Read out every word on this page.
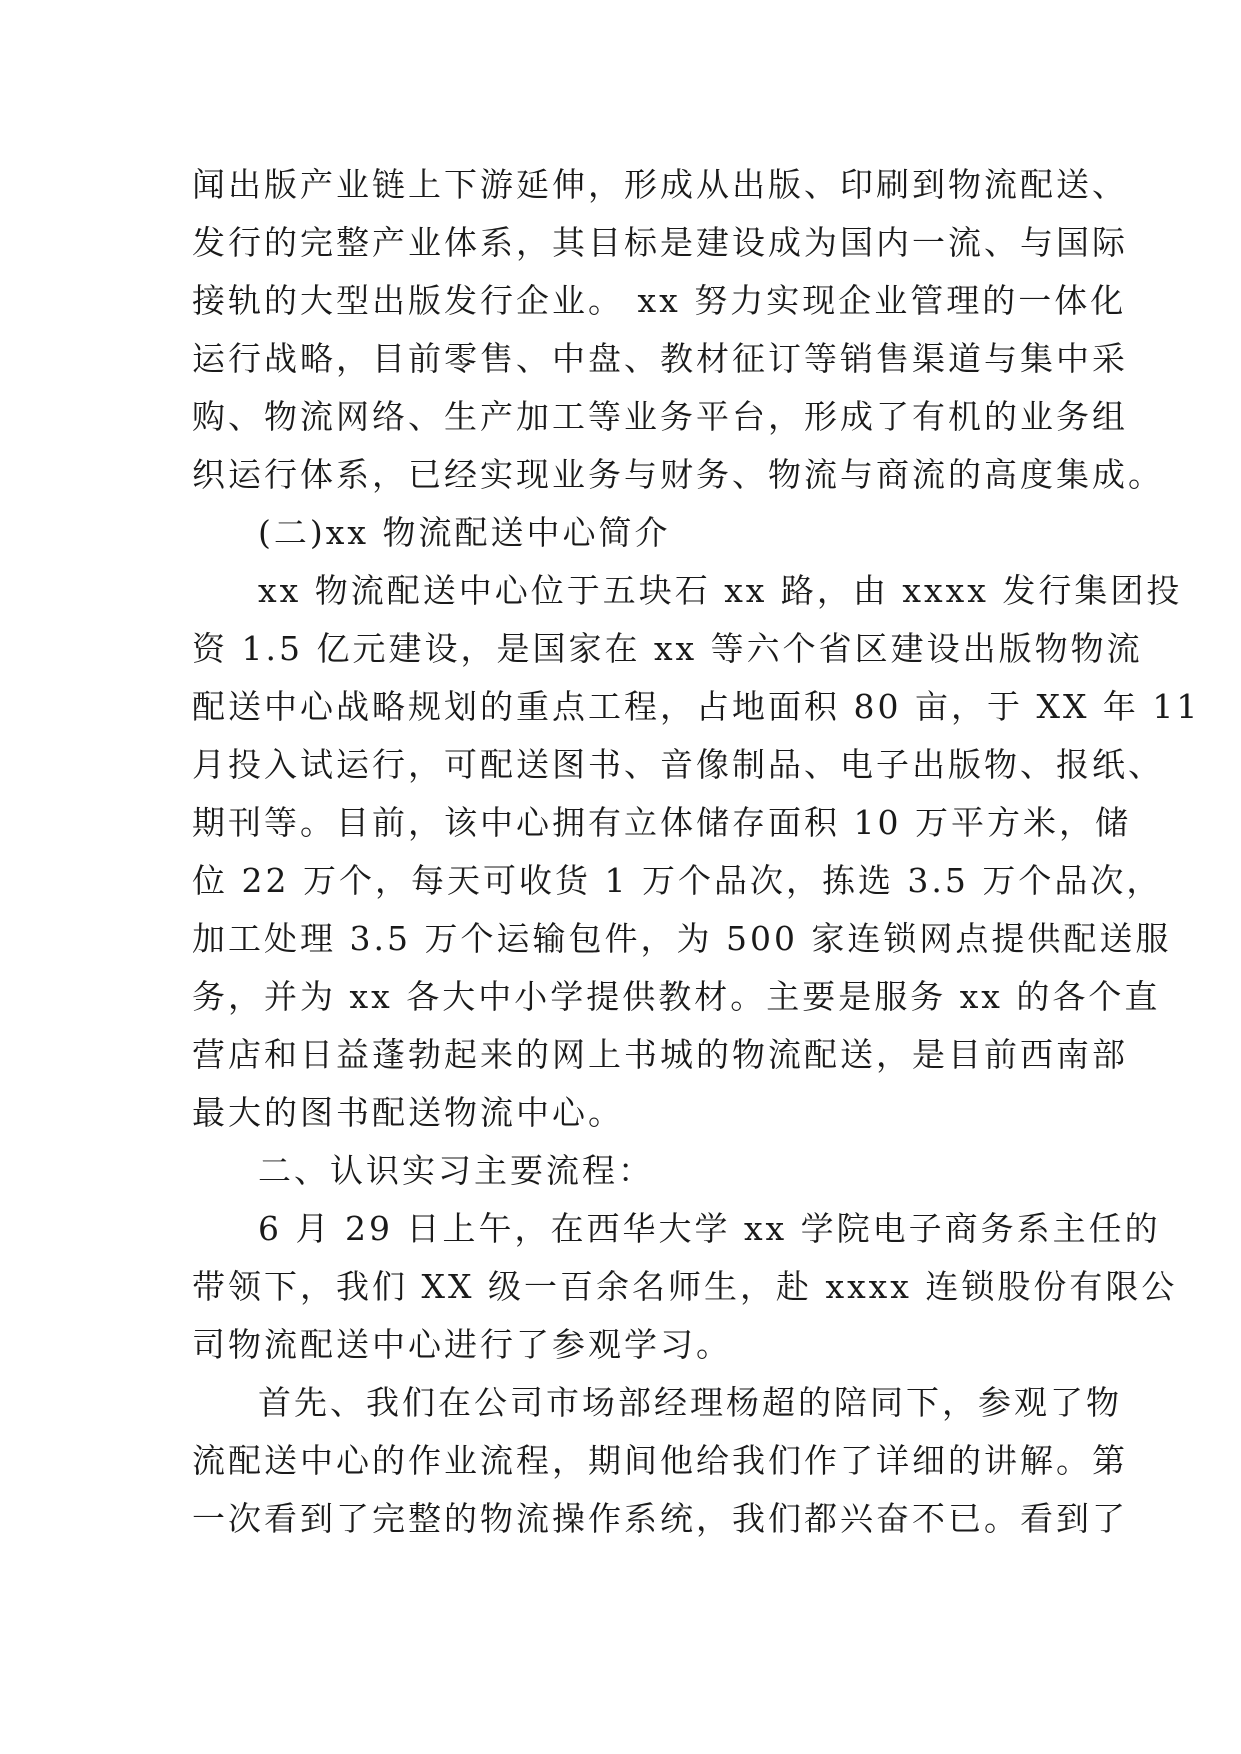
闻出版产业链上下游延伸，形成从出版、印刷到物流配送、
发行的完整产业体系，其目标是建设成为国内一流、与国际
接轨的大型出版发行企业。 xx 努力实现企业管理的一体化
运行战略，目前零售、中盘、教材征订等销售渠道与集中采
购、物流网络、生产加工等业务平台，形成了有机的业务组
织运行体系，已经实现业务与财务、物流与商流的高度集成。

(二)xx 物流配送中心简介

xx 物流配送中心位于五块石 xx 路，由 xxxx 发行集团投
资 1.5 亿元建设，是国家在 xx 等六个省区建设出版物物流
配送中心战略规划的重点工程，占地面积 80 亩，于 XX 年 11
月投入试运行，可配送图书、音像制品、电子出版物、报纸、
期刊等。目前，该中心拥有立体储存面积 10 万平方米，储
位 22 万个，每天可收货 1 万个品次，拣选 3.5 万个品次，
加工处理 3.5 万个运输包件，为 500 家连锁网点提供配送服
务，并为 xx 各大中小学提供教材。主要是服务 xx 的各个直
营店和日益蓬勃起来的网上书城的物流配送，是目前西南部
最大的图书配送物流中心。

二、认识实习主要流程：

6 月 29 日上午，在西华大学 xx 学院电子商务系主任的
带领下，我们 XX 级一百余名师生，赴 xxxx 连锁股份有限公
司物流配送中心进行了参观学习。

首先、我们在公司市场部经理杨超的陪同下，参观了物
流配送中心的作业流程，期间他给我们作了详细的讲解。第
一次看到了完整的物流操作系统，我们都兴奋不已。看到了
